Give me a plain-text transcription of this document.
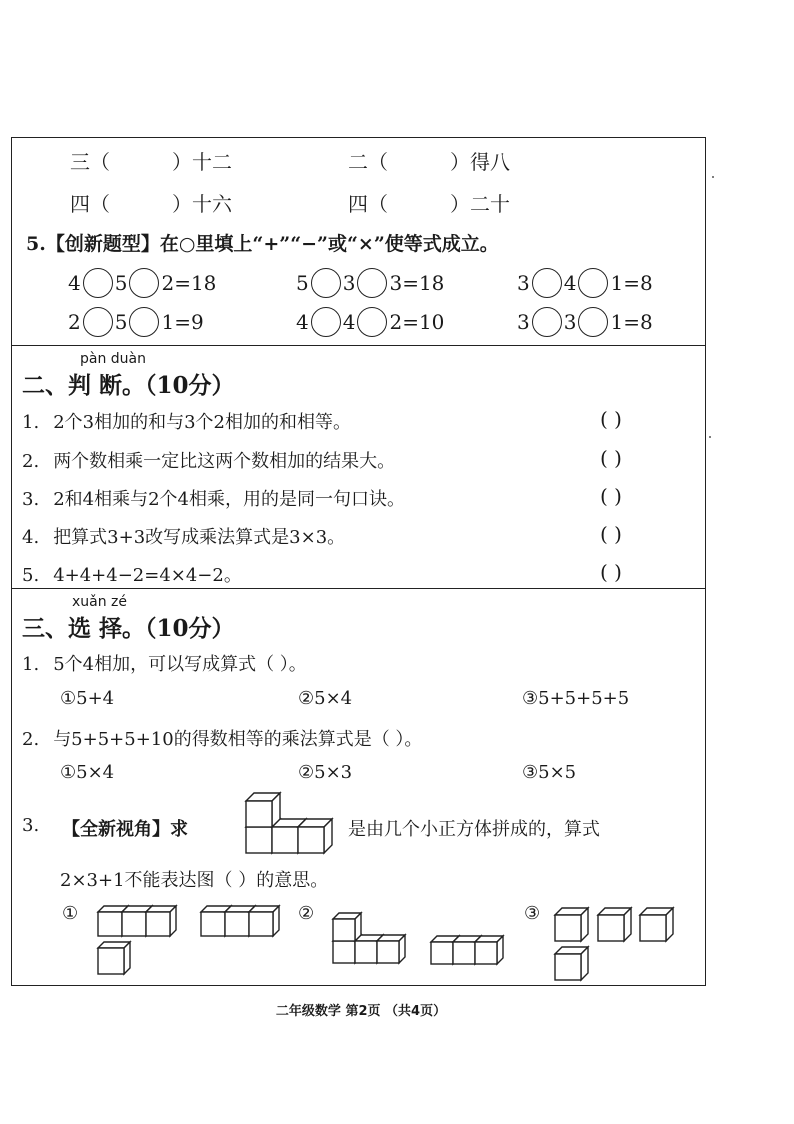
三（	）十二	二（	）得八
四（	）十六	四（	）二十
5.【创新题型】在○里填上“+”“−”或“×”使等式成立。
4 5 2=18	5 3 3=18	3 4 1=8
2 5 1=9	4 4 2=10	3 3 1=8
pàn duàn
二、判 断。（10分）
1. 2个3相加的和与3个2相加的和相等。	( )
2. 两个数相乘一定比这两个数相加的结果大。	( )
3. 2和4相乘与2个4相乘，用的是同一句口诀。	( )
4. 把算式3+3改写成乘法算式是3×3。	( )
5. 4+4+4−2=4×4−2。	( )
xuǎn zé
三、选 择。（10分）
1. 5个4相加，可以写成算式（ ）。
①5+4	②5×4	③5+5+5+5
2. 与5+5+5+10的得数相等的乘法算式是（ ）。
①5×4	②5×3	③5×5
3. 【全新视角】求	是由几个小正方体拼成的，算式
2×3+1不能表达图（ ）的意思。
①	②	③
二年级数学 第2页 （共4页）
